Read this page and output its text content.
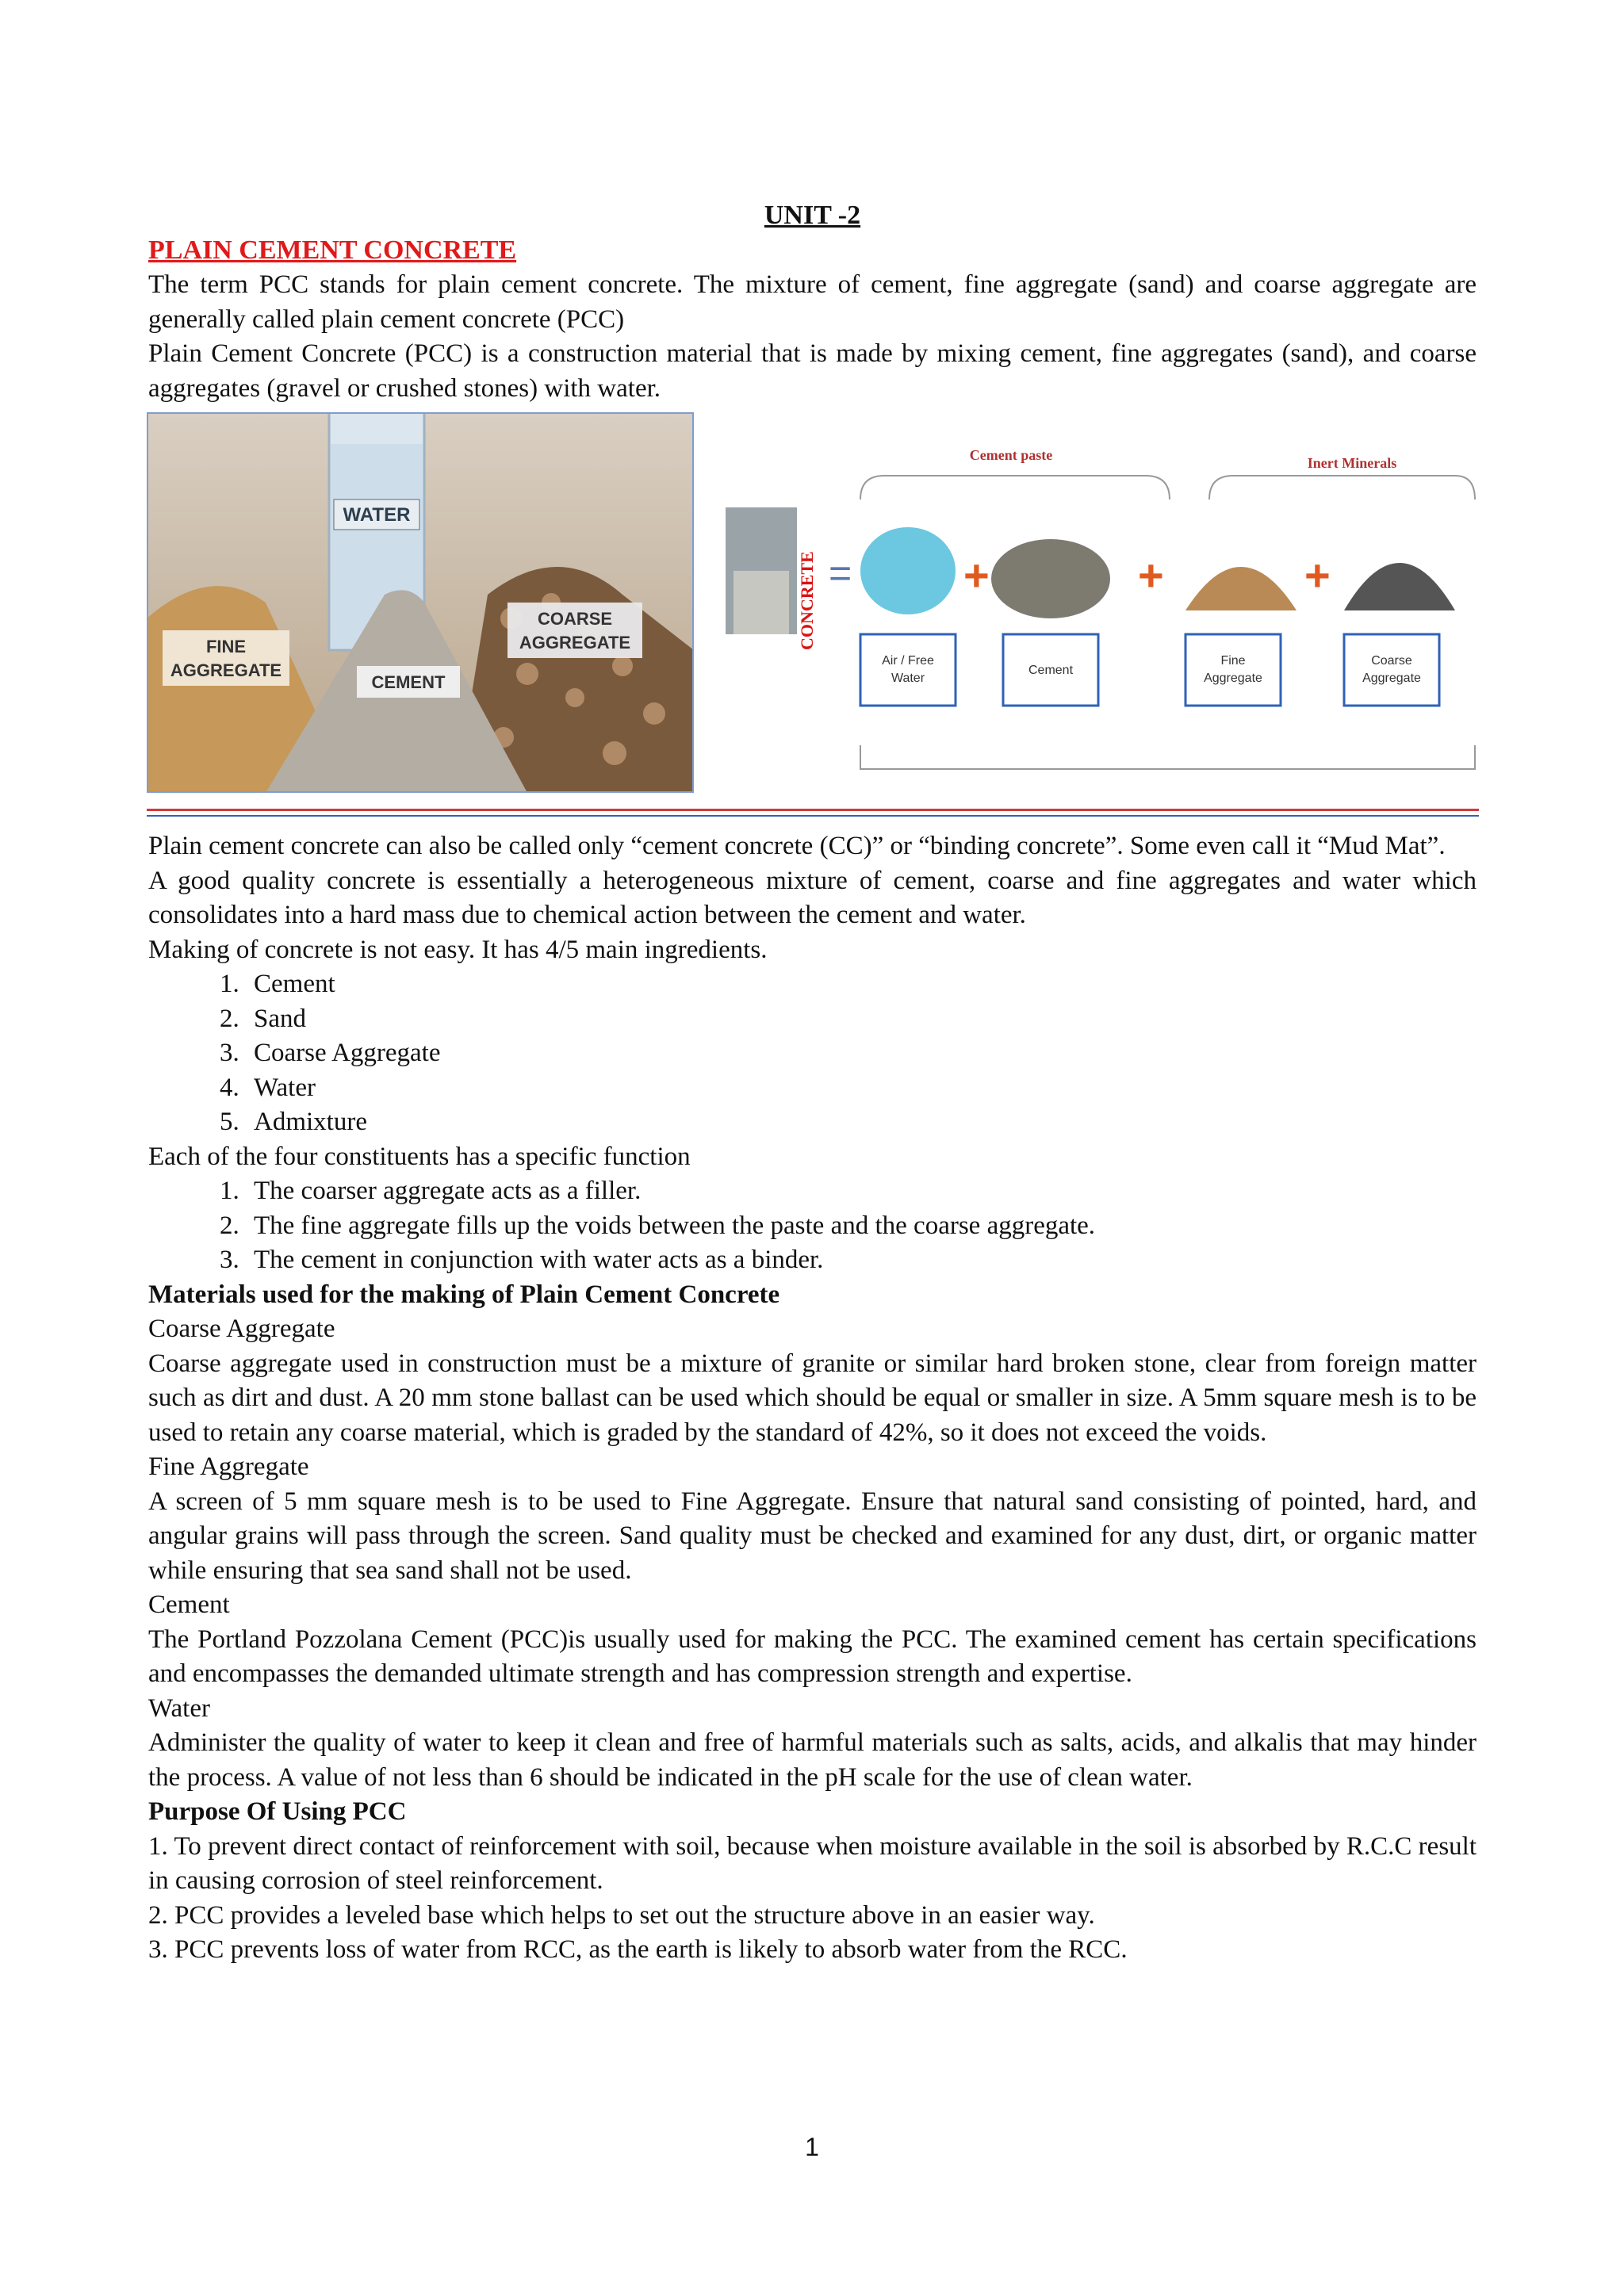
UNIT -2

PLAIN CEMENT CONCRETE

The term PCC stands for plain cement concrete. The mixture of cement, fine aggregate (sand) and coarse aggregate are generally called plain cement concrete (PCC)

Plain Cement Concrete (PCC) is a construction material that is made by mixing cement, fine aggregates (sand), and coarse aggregates (gravel or crushed stones) with water.

WATER
FINE
AGGREGATE
COARSE
AGGREGATE
CEMENT
CONCRETE =
Cement paste	Inert Minerals
+	+	+
Air / Free
Water
Cement
Fine
Aggregate
Coarse
Aggregate

Plain cement concrete can also be called only “cement concrete (CC)” or “binding concrete”. Some even call it “Mud Mat”.

A good quality concrete is essentially a heterogeneous mixture of cement, coarse and fine aggregates and water which consolidates into a hard mass due to chemical action between the cement and water.

Making of concrete is not easy. It has 4/5 main ingredients.

1. Cement
2. Sand
3. Coarse Aggregate
4. Water
5. Admixture

Each of the four constituents has a specific function

1. The coarser aggregate acts as a filler.
2. The fine aggregate fills up the voids between the paste and the coarse aggregate.
3. The cement in conjunction with water acts as a binder.

Materials used for the making of Plain Cement Concrete

Coarse Aggregate

Coarse aggregate used in construction must be a mixture of granite or similar hard broken stone, clear from foreign matter such as dirt and dust. A 20 mm stone ballast can be used which should be equal or smaller in size. A 5mm square mesh is to be used to retain any coarse material, which is graded by the standard of 42%, so it does not exceed the voids.

Fine Aggregate

A screen of 5 mm square mesh is to be used to Fine Aggregate. Ensure that natural sand consisting of pointed, hard, and angular grains will pass through the screen. Sand quality must be checked and examined for any dust, dirt, or organic matter while ensuring that sea sand shall not be used.

Cement

The Portland Pozzolana Cement (PCC)is usually used for making the PCC. The examined cement has certain specifications and encompasses the demanded ultimate strength and has compression strength and expertise.

Water

Administer the quality of water to keep it clean and free of harmful materials such as salts, acids, and alkalis that may hinder the process. A value of not less than 6 should be indicated in the pH scale for the use of clean water.

Purpose Of Using PCC

1. To prevent direct contact of reinforcement with soil, because when moisture available in the soil is absorbed by R.C.C result in causing corrosion of steel reinforcement.

2. PCC provides a leveled base which helps to set out the structure above in an easier way.

3. PCC prevents loss of water from RCC, as the earth is likely to absorb water from the RCC.

1
